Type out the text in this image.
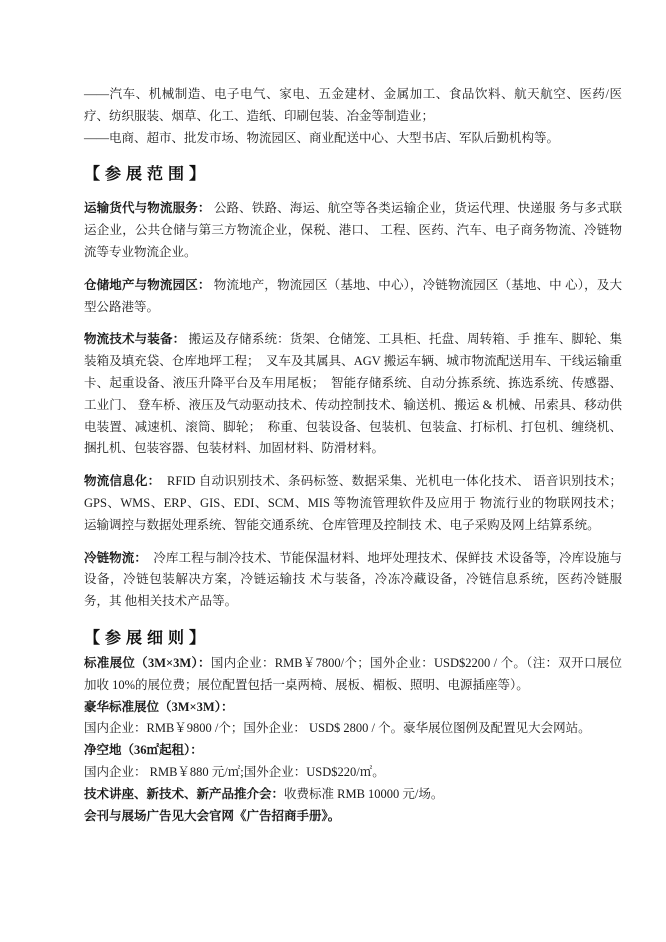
——汽车、机械制造、电子电气、家电、五金建材、金属加工、食品饮料、航天航空、医药/医疗、纺织服装、烟草、化工、造纸、印刷包装、冶金等制造业；

——电商、超市、批发市场、物流园区、商业配送中心、大型书店、军队后勤机构等。

【参展范围】

运输货代与物流服务： 公路、铁路、海运、航空等各类运输企业，货运代理、快递服 务与多式联运企业，公共仓储与第三方物流企业，保税、港口、 工程、医药、汽车、电子商务物流、冷链物流等专业物流企业。

仓储地产与物流园区： 物流地产，物流园区（基地、中心），冷链物流园区（基地、中 心），及大型公路港等。

物流技术与装备： 搬运及存储系统：货架、仓储笼、工具柜、托盘、周转箱、手 推车、脚轮、集装箱及填充袋、仓库地坪工程；  叉车及其属具、AGV 搬运车辆、城市物流配送用车、干线运输重卡、起重设备、液压升降平台及车用尾板；  智能存储系统、自动分拣系统、拣选系统、传感器、工业门、 登车桥、液压及气动驱动技术、传动控制技术、输送机、搬运 & 机械、吊索具、移动供电装置、减速机、滚筒、脚轮；  称重、包装设备、包装机、包装盒、打标机、打包机、缠绕机、 捆扎机、包装容器、包装材料、加固材料、防滑材料。

物流信息化：  RFID 自动识别技术、条码标签、数据采集、光机电一体化技术、 语音识别技术；GPS、WMS、ERP、GIS、EDI、SCM、MIS 等物流管理软件及应用于 物流行业的物联网技术；  运输调控与数据处理系统、智能交通系统、仓库管理及控制技 术、电子采购及网上结算系统。

冷链物流：  冷库工程与制冷技术、节能保温材料、地坪处理技术、保鲜技 术设备等，冷库设施与设备，冷链包装解决方案，冷链运输技 术与装备，冷冻冷藏设备，冷链信息系统，医药冷链服务，其 他相关技术产品等。

【参展细则】

标准展位（3M×3M）：国内企业：RMB￥7800/个；国外企业：USD$2200 / 个。（注：双开口展位加收 10%的展位费；展位配置包括一桌两椅、展板、楣板、照明、电源插座等）。

豪华标准展位（3M×3M）：

国内企业：RMB￥9800 /个；国外企业： USD$ 2800 / 个。豪华展位图例及配置见大会网站。

净空地（36㎡起租）：

国内企业： RMB￥880 元/㎡;国外企业：USD$220/㎡。

技术讲座、新技术、新产品推介会：收费标准 RMB 10000 元/场。

会刊与展场广告见大会官网《广告招商手册》。
